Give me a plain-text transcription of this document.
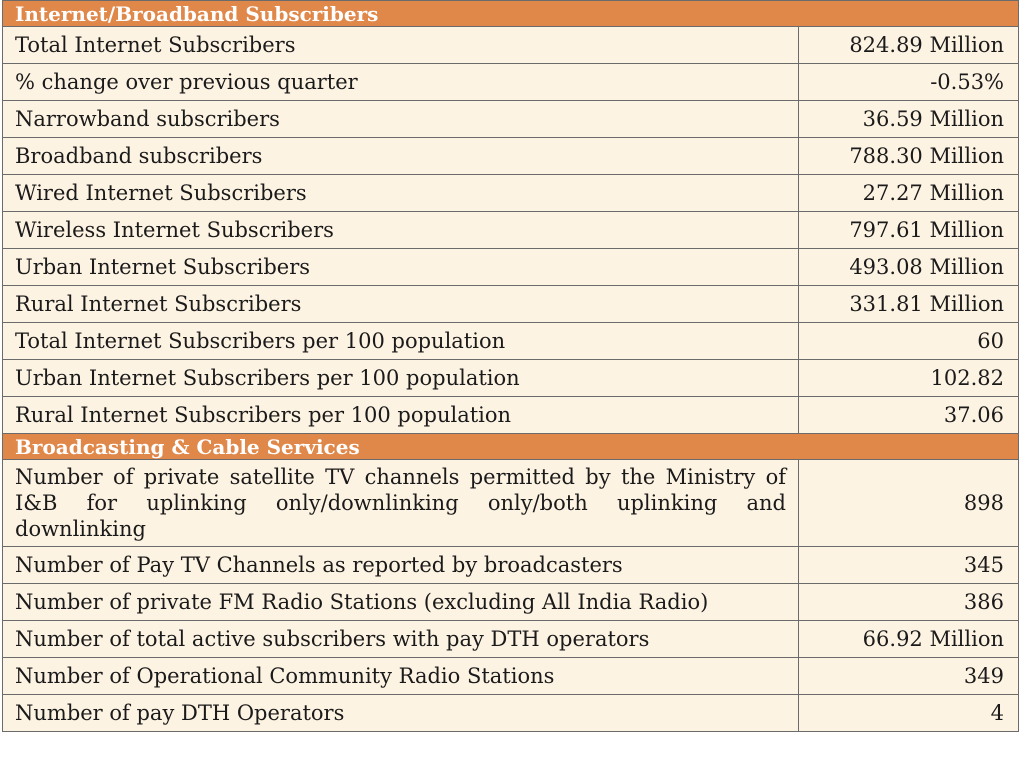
Internet/Broadband Subscribers	
Total Internet Subscribers	824.89 Million
% change over previous quarter	-0.53%
Narrowband subscribers	36.59 Million
Broadband subscribers	788.30 Million
Wired Internet Subscribers	27.27 Million
Wireless Internet Subscribers	797.61 Million
Urban Internet Subscribers	493.08 Million
Rural Internet Subscribers	331.81 Million
Total Internet Subscribers per 100 population	60
Urban Internet Subscribers per 100 population	102.82
Rural Internet Subscribers per 100 population	37.06
Broadcasting & Cable Services	
Number of private satellite TV channels permitted by the Ministry of I&B for uplinking only/downlinking only/both uplinking and downlinking	898
Number of Pay TV Channels as reported by broadcasters	345
Number of private FM Radio Stations (excluding All India Radio)	386
Number of total active subscribers with pay DTH operators	66.92 Million
Number of Operational Community Radio Stations	349
Number of pay DTH Operators	4
